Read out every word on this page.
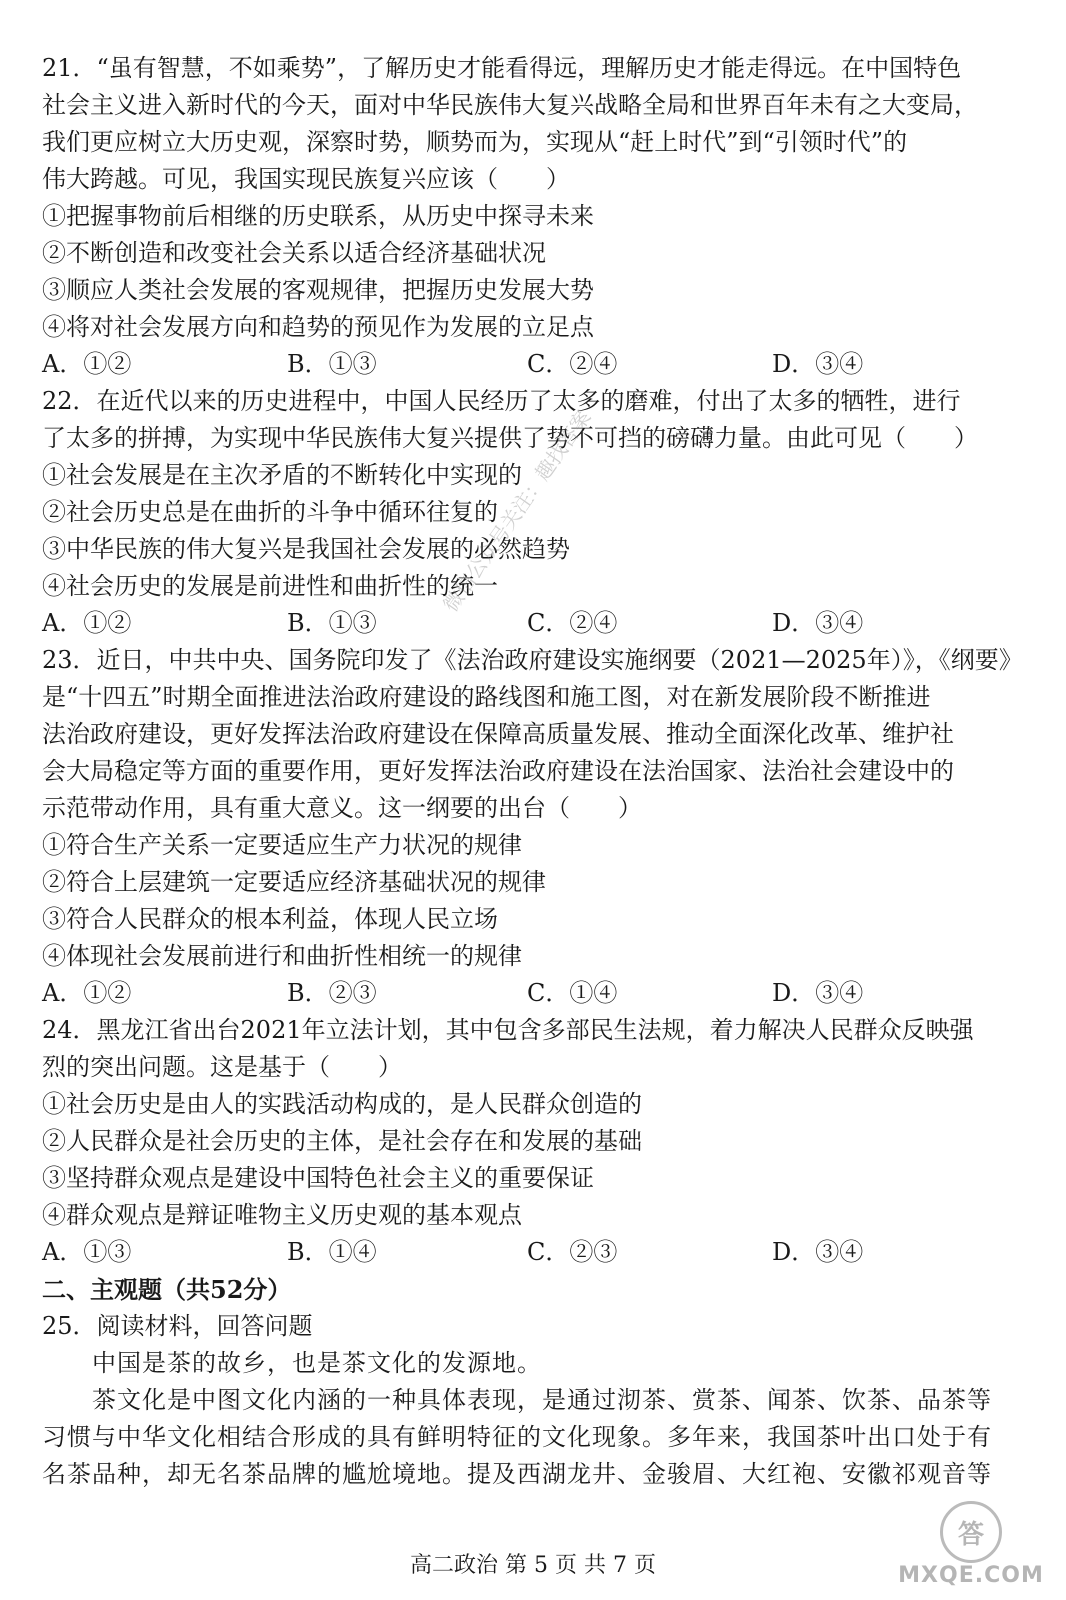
21．“虽有智慧，不如乘势”，了解历史才能看得远，理解历史才能走得远。在中国特色
社会主义进入新时代的今天，面对中华民族伟大复兴战略全局和世界百年未有之大变局，
我们更应树立大历史观，深察时势，顺势而为，实现从“赶上时代”到“引领时代”的
伟大跨越。可见，我国实现民族复兴应该（　　）
①把握事物前后相继的历史联系，从历史中探寻未来
②不断创造和改变社会关系以适合经济基础状况
③顺应人类社会发展的客观规律，把握历史发展大势
④将对社会发展方向和趋势的预见作为发展的立足点
A．①②	B．①③	C．②④	D．③④
22．在近代以来的历史进程中，中国人民经历了太多的磨难，付出了太多的牺牲，进行
了太多的拼搏，为实现中华民族伟大复兴提供了势不可挡的磅礴力量。由此可见（　　）
①社会发展是在主次矛盾的不断转化中实现的
②社会历史总是在曲折的斗争中循环往复的
③中华民族的伟大复兴是我国社会发展的必然趋势
④社会历史的发展是前进性和曲折性的统一
A．①②	B．①③	C．②④	D．③④
23．近日，中共中央、国务院印发了《法治政府建设实施纲要（2021—2025年）》，《纲要》
是“十四五”时期全面推进法治政府建设的路线图和施工图，对在新发展阶段不断推进
法治政府建设，更好发挥法治政府建设在保障高质量发展、推动全面深化改革、维护社
会大局稳定等方面的重要作用，更好发挥法治政府建设在法治国家、法治社会建设中的
示范带动作用，具有重大意义。这一纲要的出台（　　）
①符合生产关系一定要适应生产力状况的规律
②符合上层建筑一定要适应经济基础状况的规律
③符合人民群众的根本利益，体现人民立场
④体现社会发展前进行和曲折性相统一的规律
A．①②	B．②③	C．①④	D．③④
24．黑龙江省出台2021年立法计划，其中包含多部民生法规，着力解决人民群众反映强
烈的突出问题。这是基于（　　）
①社会历史是由人的实践活动构成的，是人民群众创造的
②人民群众是社会历史的主体，是社会存在和发展的基础
③坚持群众观点是建设中国特色社会主义的重要保证
④群众观点是辩证唯物主义历史观的基本观点
A．①③	B．①④	C．②③	D．③④
二、主观题（共52分）
25．阅读材料，回答问题
中国是茶的故乡，也是茶文化的发源地。
茶文化是中图文化内涵的一种具体表现，是通过沏茶、赏茶、闻茶、饮茶、品茶等
习惯与中华文化相结合形成的具有鲜明特征的文化现象。多年来，我国茶叶出口处于有
名茶品种，却无名茶品牌的尴尬境地。提及西湖龙井、金骏眉、大红袍、安徽祁观音等
微信公众号关注：趣找答案
高二政治 第 5 页 共 7 页
答
MXQE.COM
